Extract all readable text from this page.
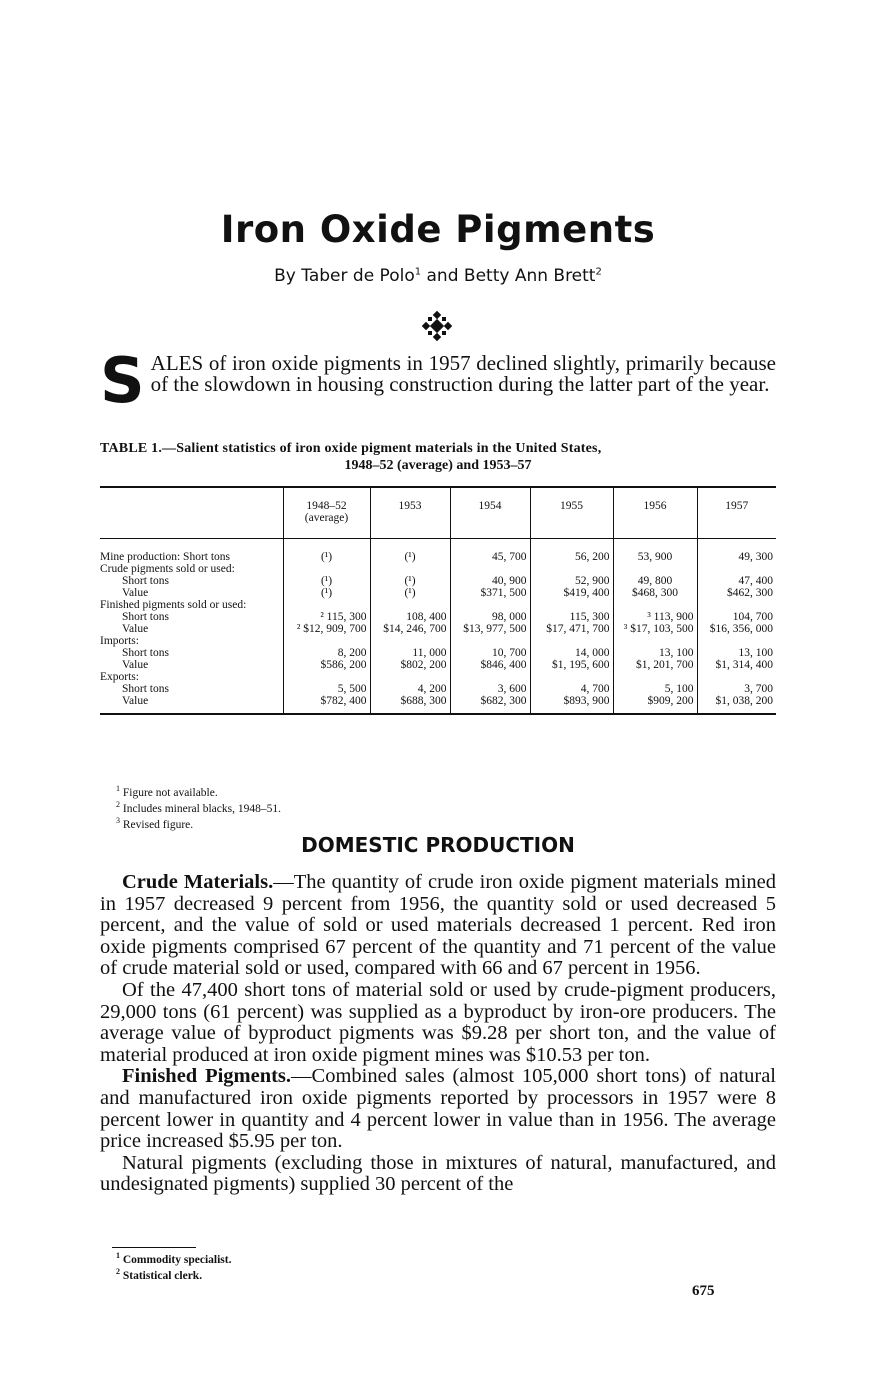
Iron Oxide Pigments
By Taber de Polo$^1$ and Betty Ann Brett$^2$
S ALES of iron oxide pigments in 1957 declined slightly, primarily because of the slowdown in housing construction during the latter part of the year.
TABLE 1.—Salient statistics of iron oxide pigment materials in the United States,
1948–52 (average) and 1953–57
	1948–52 (average)	1953	1954	1955	1956	1957
Mine production: Short tons	(¹)	(¹)	45, 700	56, 200	53, 900	49, 300
Crude pigments sold or used:						
Short tons	(¹)	(¹)	40, 900	52, 900	49, 800	47, 400
Value	(¹)	(¹)	$371, 500	$419, 400	$468, 300	$462, 300
Finished pigments sold or used:						
Short tons	² 115, 300	108, 400	98, 000	115, 300	³ 113, 900	104, 700
Value	² $12, 909, 700	$14, 246, 700	$13, 977, 500	$17, 471, 700	³ $17, 103, 500	$16, 356, 000
Imports:						
Short tons	8, 200	11, 000	10, 700	14, 000	13, 100	13, 100
Value	$586, 200	$802, 200	$846, 400	$1, 195, 600	$1, 201, 700	$1, 314, 400
Exports:						
Short tons	5, 500	4, 200	3, 600	4, 700	5, 100	3, 700
Value	$782, 400	$688, 300	$682, 300	$893, 900	$909, 200	$1, 038, 200
$^1$ Figure not available.
$^2$ Includes mineral blacks, 1948–51.
$^3$ Revised figure.
DOMESTIC PRODUCTION

Crude Materials.—The quantity of crude iron oxide pigment materials mined in 1957 decreased 9 percent from 1956, the quantity sold or used decreased 5 percent, and the value of sold or used materials decreased 1 percent. Red iron oxide pigments comprised 67 percent of the quantity and 71 percent of the value of crude material sold or used, compared with 66 and 67 percent in 1956.

Of the 47,400 short tons of material sold or used by crude-pigment producers, 29,000 tons (61 percent) was supplied as a byproduct by iron-ore producers. The average value of byproduct pigments was $9.28 per short ton, and the value of material produced at iron oxide pigment mines was $10.53 per ton.

Finished Pigments.—Combined sales (almost 105,000 short tons) of natural and manufactured iron oxide pigments reported by processors in 1957 were 8 percent lower in quantity and 4 percent lower in value than in 1956. The average price increased $5.95 per ton.

Natural pigments (excluding those in mixtures of natural, manufactured, and undesignated pigments) supplied 30 percent of the

$^1$ Commodity specialist.
$^2$ Statistical clerk.
675
